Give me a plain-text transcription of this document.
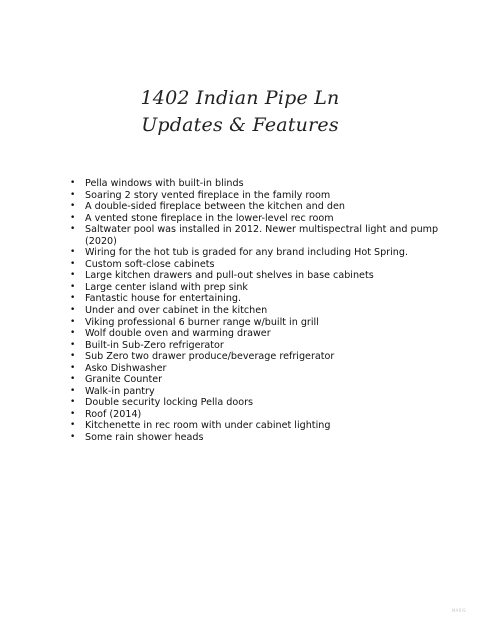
1402 Indian Pipe Ln
Updates & Features
• Pella windows with built-in blinds
• Soaring 2 story vented fireplace in the family room
• A double-sided fireplace between the kitchen and den
• A vented stone fireplace in the lower-level rec room
• Saltwater pool was installed in 2012. Newer multispectral light and pump
(2020)
• Wiring for the hot tub is graded for any brand including Hot Spring.
• Custom soft-close cabinets
• Large kitchen drawers and pull-out shelves in base cabinets
• Large center island with prep sink
• Fantastic house for entertaining.
• Under and over cabinet in the kitchen
• Viking professional 6 burner range w/built in grill
• Wolf double oven and warming drawer
• Built-in Sub-Zero refrigerator
• Sub Zero two drawer produce/beverage refrigerator
• Asko Dishwasher
• Granite Counter
• Walk-in pantry
• Double security locking Pella doors
• Roof (2014)
• Kitchenette in rec room with under cabinet lighting
• Some rain shower heads
MARIS
